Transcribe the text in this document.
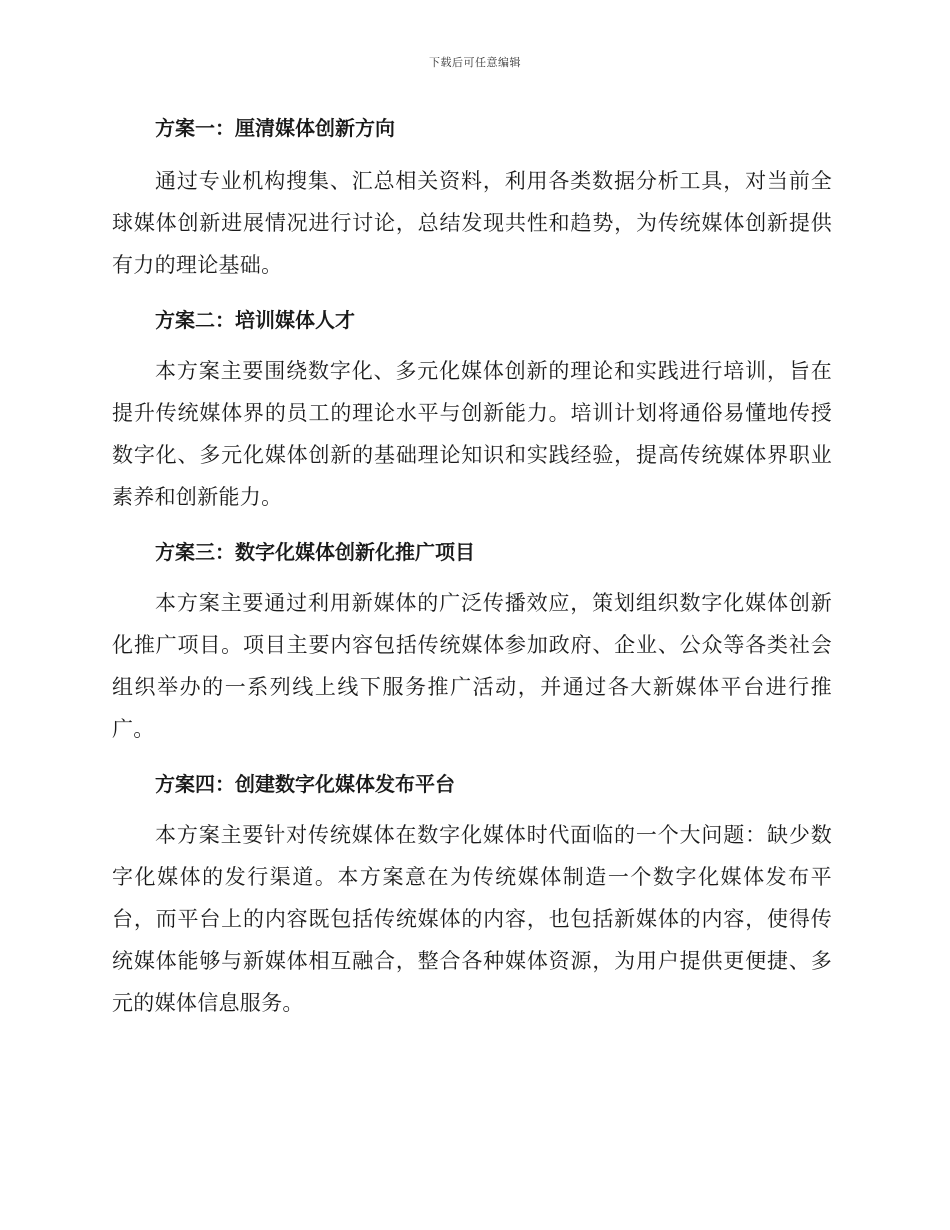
下载后可任意编辑
方案一：厘清媒体创新方向

通过专业机构搜集、汇总相关资料，利用各类数据分析工具，对当前全球媒体创新进展情况进行讨论，总结发现共性和趋势，为传统媒体创新提供有力的理论基础。

方案二：培训媒体人才

本方案主要围绕数字化、多元化媒体创新的理论和实践进行培训，旨在提升传统媒体界的员工的理论水平与创新能力。培训计划将通俗易懂地传授数字化、多元化媒体创新的基础理论知识和实践经验，提高传统媒体界职业素养和创新能力。

方案三：数字化媒体创新化推广项目

本方案主要通过利用新媒体的广泛传播效应，策划组织数字化媒体创新化推广项目。项目主要内容包括传统媒体参加政府、企业、公众等各类社会组织举办的一系列线上线下服务推广活动，并通过各大新媒体平台进行推广。

方案四：创建数字化媒体发布平台

本方案主要针对传统媒体在数字化媒体时代面临的一个大问题：缺少数字化媒体的发行渠道。本方案意在为传统媒体制造一个数字化媒体发布平台，而平台上的内容既包括传统媒体的内容，也包括新媒体的内容，使得传统媒体能够与新媒体相互融合，整合各种媒体资源，为用户提供更便捷、多元的媒体信息服务。
